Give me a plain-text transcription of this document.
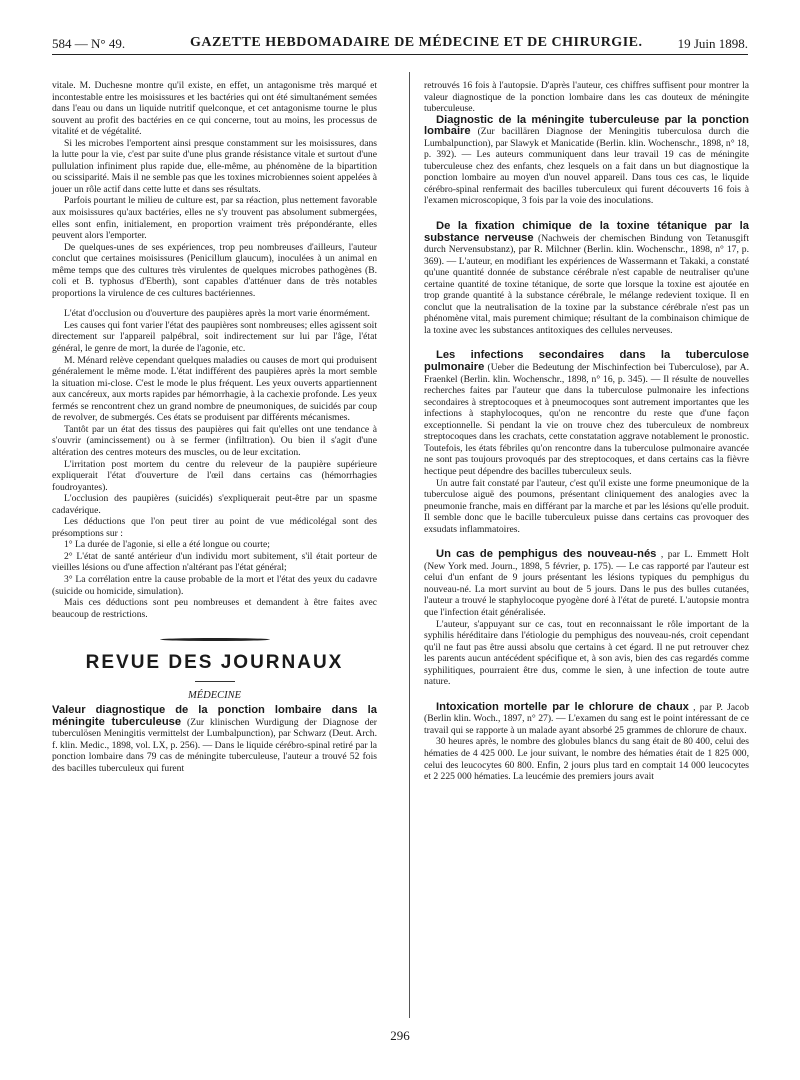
584 — N° 49.	GAZETTE HEBDOMADAIRE DE MÉDECINE ET DE CHIRURGIE.	19 Juin 1898.

vitale. M. Duchesne montre qu'il existe, en effet, un antagonisme très marqué et incontestable entre les moisissures et les bactéries qui ont été simultanément semées dans l'eau ou dans un liquide nutritif quelconque, et cet antagonisme tourne le plus souvent au profit des bactéries en ce qui concerne, tout au moins, les processus de vitalité et de végétalité.

Si les microbes l'emportent ainsi presque constamment sur les moisissures, dans la lutte pour la vie, c'est par suite d'une plus grande résistance vitale et surtout d'une pullulation infiniment plus rapide due, elle-même, au phénomène de la bipartition ou scissiparité. Mais il ne semble pas que les toxines microbiennes soient appelées à jouer un rôle actif dans cette lutte et dans ses résultats.

Parfois pourtant le milieu de culture est, par sa réaction, plus nettement favorable aux moisissures qu'aux bactéries, elles ne s'y trouvent pas absolument submergées, elles sont enfin, initialement, en proportion vraiment très prépondérante, elles peuvent alors l'emporter.

De quelques-unes de ses expériences, trop peu nombreuses d'ailleurs, l'auteur conclut que certaines moisissures (Penicillum glaucum), inoculées à un animal en même temps que des cultures très virulentes de quelques microbes pathogènes (B. coli et B. typhosus d'Eberth), sont capables d'atténuer dans de très notables proportions la virulence de ces cultures bactériennes.

L'état d'occlusion ou d'ouverture des paupières après la mort varie énormément.

Les causes qui font varier l'état des paupières sont nombreuses; elles agissent soit directement sur l'appareil palpébral, soit indirectement sur lui par l'âge, l'état général, le genre de mort, la durée de l'agonie, etc.

M. Ménard relève cependant quelques maladies ou causes de mort qui produisent généralement le même mode. L'état indifférent des paupières après la mort semble la situation mi-close. C'est le mode le plus fréquent. Les yeux ouverts appartiennent aux cancéreux, aux morts rapides par hémorrhagie, à la cachexie profonde. Les yeux fermés se rencontrent chez un grand nombre de pneumoniques, de suicidés par coup de revolver, de submergés. Ces états se produisent par différents mécanismes.

Tantôt par un état des tissus des paupières qui fait qu'elles ont une tendance à s'ouvrir (amincissement) ou à se fermer (infiltration). Ou bien il s'agit d'une altération des centres moteurs des muscles, ou de leur excitation.

L'irritation post mortem du centre du releveur de la paupière supérieure expliquerait l'état d'ouverture de l'œil dans certains cas (hémorrhagies foudroyantes).

L'occlusion des paupières (suicidés) s'expliquerait peut-être par un spasme cadavérique.

Les déductions que l'on peut tirer au point de vue médicolégal sont des présomptions sur :

1° La durée de l'agonie, si elle a été longue ou courte;

2° L'état de santé antérieur d'un individu mort subitement, s'il était porteur de vieilles lésions ou d'une affection n'altérant pas l'état général;

3° La corrélation entre la cause probable de la mort et l'état des yeux du cadavre (suicide ou homicide, simulation).

Mais ces déductions sont peu nombreuses et demandent à être faites avec beaucoup de restrictions.

REVUE DES JOURNAUX

MÉDECINE

Valeur diagnostique de la ponction lombaire dans la méningite tuberculeuse (Zur klinischen Wurdigung der Diagnose der tuberculösen Meningitis vermittelst der Lumbalpunction), par Schwarz (Deut. Arch. f. klin. Medic., 1898, vol. LX, p. 256). — Dans le liquide cérébro-spinal retiré par la ponction lombaire dans 79 cas de méningite tuberculeuse, l'auteur a trouvé 52 fois des bacilles tuberculeux qui furent

retrouvés 16 fois à l'autopsie. D'après l'auteur, ces chiffres suffisent pour montrer la valeur diagnostique de la ponction lombaire dans les cas douteux de méningite tuberculeuse.

Diagnostic de la méningite tuberculeuse par la ponction lombaire (Zur bacillären Diagnose der Meningitis tuberculosa durch die Lumbalpunction), par Slawyk et Manicatide (Berlin. klin. Wochenschr., 1898, n° 18, p. 392). — Les auteurs communiquent dans leur travail 19 cas de méningite tuberculeuse chez des enfants, chez lesquels on a fait dans un but diagnostique la ponction lombaire au moyen d'un nouvel appareil. Dans tous ces cas, le liquide cérébro-spinal renfermait des bacilles tuberculeux qui furent découverts 16 fois à l'examen microscopique, 3 fois par la voie des inoculations.

De la fixation chimique de la toxine tétanique par la substance nerveuse (Nachweis der chemischen Bindung von Tetanusgift durch Nervensubstanz), par R. Milchner (Berlin. klin. Wochenschr., 1898, n° 17, p. 369). — L'auteur, en modifiant les expériences de Wassermann et Takaki, a constaté qu'une quantité donnée de substance cérébrale n'est capable de neutraliser qu'une certaine quantité de toxine tétanique, de sorte que lorsque la toxine est ajoutée en trop grande quantité à la substance cérébrale, le mélange redevient toxique. Il en conclut que la neutralisation de la toxine par la substance cérébrale n'est pas un phénomène vital, mais purement chimique; résultant de la combinaison chimique de la toxine avec les substances antitoxiques des cellules nerveuses.

Les infections secondaires dans la tuberculose pulmonaire (Ueber die Bedeutung der Mischinfection bei Tuberculose), par A. Fraenkel (Berlin. klin. Wochenschr., 1898, n° 16, p. 345). — Il résulte de nouvelles recherches faites par l'auteur que dans la tuberculose pulmonaire les infections secondaires à streptocoques et à pneumocoques sont autrement importantes que les infections à staphylocoques, qu'on ne rencontre du reste que d'une façon exceptionnelle. Si pendant la vie on trouve chez des tuberculeux de nombreux streptocoques dans les crachats, cette constatation aggrave notablement le pronostic. Toutefois, les états fébriles qu'on rencontre dans la tuberculose pulmonaire avancée ne sont pas toujours provoqués par des streptocoques, et dans certains cas la fièvre hectique peut dépendre des bacilles tuberculeux seuls.

Un autre fait constaté par l'auteur, c'est qu'il existe une forme pneumonique de la tuberculose aiguë des poumons, présentant cliniquement des analogies avec la pneumonie franche, mais en différant par la marche et par les lésions qu'elle produit. Il semble donc que le bacille tuberculeux puisse dans certains cas provoquer des exsudats inflammatoires.

Un cas de pemphigus des nouveau-nés , par L. Emmett Holt (New York med. Journ., 1898, 5 février, p. 175). — Le cas rapporté par l'auteur est celui d'un enfant de 9 jours présentant les lésions typiques du pemphigus du nouveau-né. La mort survint au bout de 5 jours. Dans le pus des bulles cutanées, l'auteur a trouvé le staphylocoque pyogène doré à l'état de pureté. L'autopsie montra que l'infection était généralisée.

L'auteur, s'appuyant sur ce cas, tout en reconnaissant le rôle important de la syphilis héréditaire dans l'étiologie du pemphigus des nouveau-nés, croit cependant qu'il ne faut pas être aussi absolu que certains à cet égard. Il ne put retrouver chez les parents aucun antécédent spécifique et, à son avis, bien des cas regardés comme syphilitiques, pourraient être dus, comme le sien, à une infection de toute autre nature.

Intoxication mortelle par le chlorure de chaux , par P. Jacob (Berlin klin. Woch., 1897, n° 27). — L'examen du sang est le point intéressant de ce travail qui se rapporte à un malade ayant absorbé 25 grammes de chlorure de chaux.

30 heures après, le nombre des globules blancs du sang était de 80 400, celui des hématies de 4 425 000. Le jour suivant, le nombre des hématies était de 1 825 000, celui des leucocytes 60 800. Enfin, 2 jours plus tard en comptait 14 000 leucocytes et 2 225 000 hématies. La leucémie des premiers jours avait

296
